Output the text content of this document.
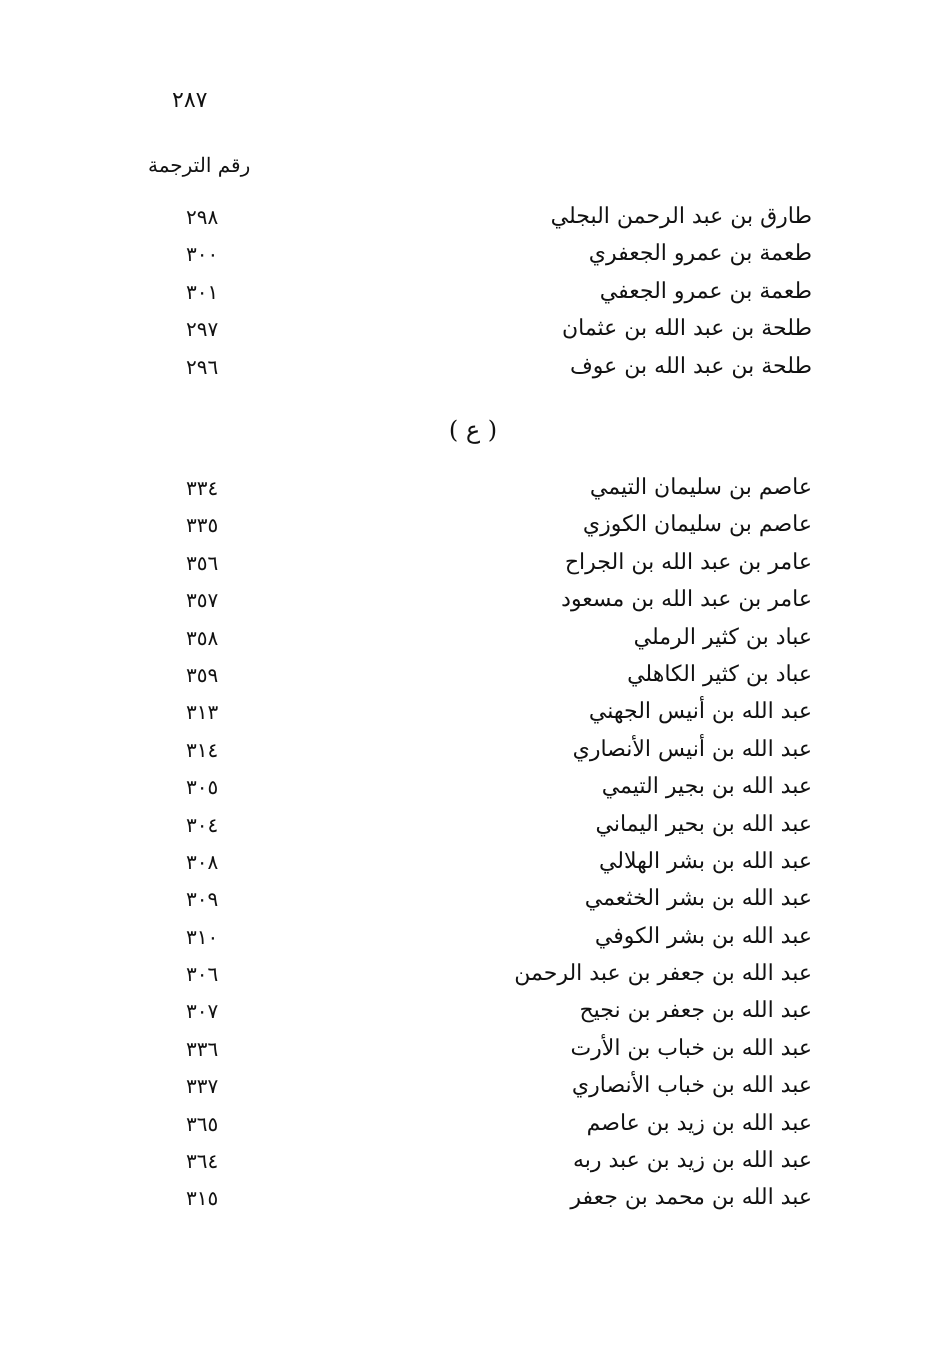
٢٨٧
رقم الترجمة
طارق بن عبد الرحمن البجلي
٢٩٨
طعمة بن عمرو الجعفري
٣٠٠
طعمة بن عمرو الجعفي
٣٠١
طلحة بن عبد الله بن عثمان
٢٩٧
طلحة بن عبد الله بن عوف
٢٩٦
( ع )
عاصم بن سليمان التيمي
٣٣٤
عاصم بن سليمان الكوزي
٣٣٥
عامر بن عبد الله بن الجراح
٣٥٦
عامر بن عبد الله بن مسعود
٣٥٧
عباد بن كثير الرملي
٣٥٨
عباد بن كثير الكاهلي
٣٥٩
عبد الله بن أنيس الجهني
٣١٣
عبد الله بن أنيس الأنصاري
٣١٤
عبد الله بن بجير التيمي
٣٠٥
عبد الله بن بحير اليماني
٣٠٤
عبد الله بن بشر الهلالي
٣٠٨
عبد الله بن بشر الخثعمي
٣٠٩
عبد الله بن بشر الكوفي
٣١٠
عبد الله بن جعفر بن عبد الرحمن
٣٠٦
عبد الله بن جعفر بن نجيح
٣٠٧
عبد الله بن خباب بن الأرت
٣٣٦
عبد الله بن خباب الأنصاري
٣٣٧
عبد الله بن زيد بن عاصم
٣٦٥
عبد الله بن زيد بن عبد ربه
٣٦٤
عبد الله بن محمد بن جعفر
٣١٥
